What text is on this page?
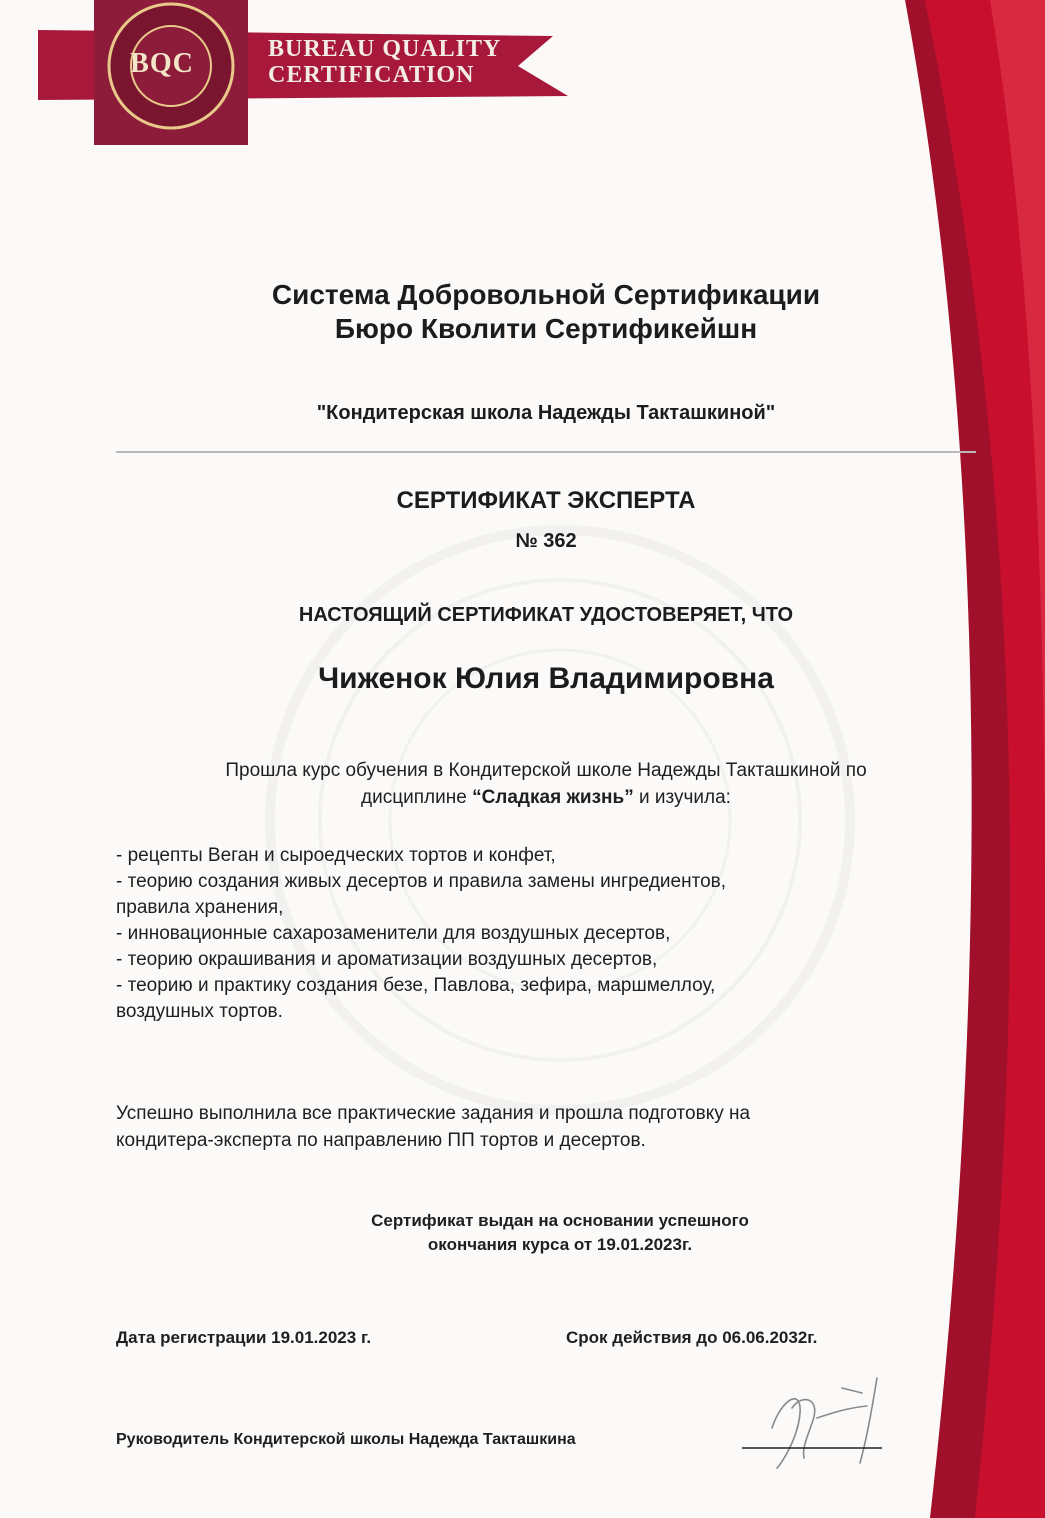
BQC	BUREAU QUALITY
CERTIFICATION
Система Добровольной Сертификации
Бюро Кволити Сертификейшн
"Кондитерская школа Надежды Такташкиной"
СЕРТИФИКАТ ЭКСПЕРТА
№ 362
НАСТОЯЩИЙ СЕРТИФИКАТ УДОСТОВЕРЯЕТ, ЧТО
Чиженок Юлия Владимировна
Прошла курс обучения в Кондитерской школе Надежды Такташкиной по
дисциплине “Сладкая жизнь” и изучила:
- рецепты Веган и сыроедческих тортов и конфет,
- теорию создания живых десертов и правила замены ингредиентов,
правила хранения,
- инновационные сахарозаменители для воздушных десертов,
- теорию окрашивания и ароматизации воздушных десертов,
- теорию и практику создания безе, Павлова, зефира, маршмеллоу,
воздушных тортов.
Успешно выполнила все практические задания и прошла подготовку на
кондитера-эксперта по направлению ПП тортов и десертов.
Сертификат выдан на основании успешного
окончания курса от 19.01.2023г.
Дата регистрации 19.01.2023 г.	Срок действия до 06.06.2032г.
Руководитель Кондитерской школы Надежда Такташкина
